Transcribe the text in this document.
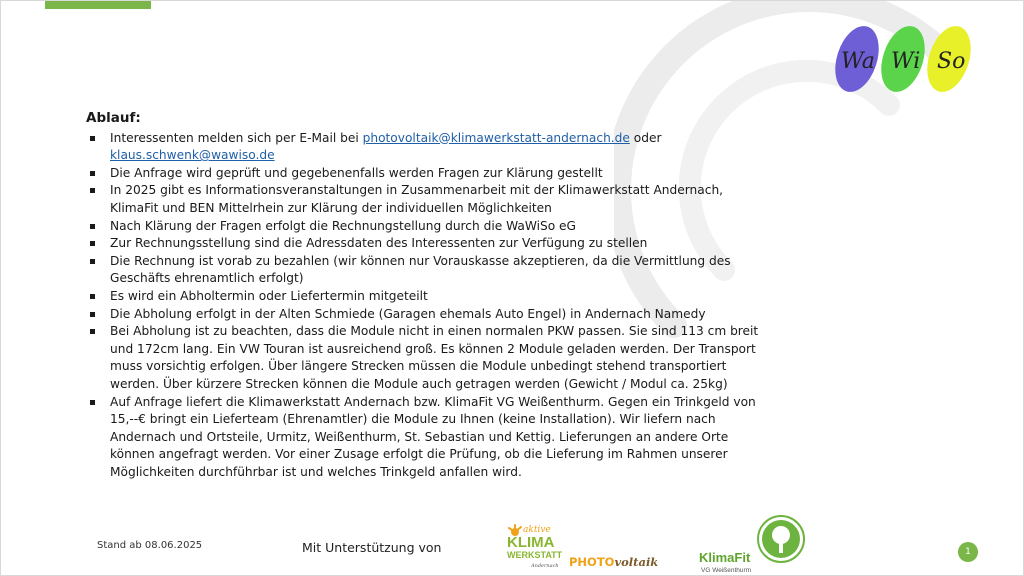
Wa Wi So
Ablauf:
Interessenten melden sich per E-Mail bei photovoltaik@klimawerkstatt-andernach.de oder
klaus.schwenk@wawiso.de
Die Anfrage wird geprüft und gegebenenfalls werden Fragen zur Klärung gestellt
In 2025 gibt es Informationsveranstaltungen in Zusammenarbeit mit der Klimawerkstatt Andernach, KlimaFit und BEN Mittelrhein zur Klärung der individuellen Möglichkeiten
Nach Klärung der Fragen erfolgt die Rechnungstellung durch die WaWiSo eG
Zur Rechnungsstellung sind die Adressdaten des Interessenten zur Verfügung zu stellen
Die Rechnung ist vorab zu bezahlen (wir können nur Vorauskasse akzeptieren, da die Vermittlung des Geschäfts ehrenamtlich erfolgt)
Es wird ein Abholtermin oder Liefertermin mitgeteilt
Die Abholung erfolgt in der Alten Schmiede (Garagen ehemals Auto Engel) in Andernach Namedy
Bei Abholung ist zu beachten, dass die Module nicht in einen normalen PKW passen. Sie sind 113 cm breit und 172cm lang. Ein VW Touran ist ausreichend groß. Es können 2 Module geladen werden. Der Transport muss vorsichtig erfolgen. Über längere Strecken müssen die Module unbedingt stehend transportiert werden. Über kürzere Strecken können die Module auch getragen werden (Gewicht / Modul ca. 25kg)
Auf Anfrage liefert die Klimawerkstatt Andernach bzw. KlimaFit VG Weißenthurm. Gegen ein Trinkgeld von 15,--€ bringt ein Lieferteam (Ehrenamtler) die Module zu Ihnen (keine Installation). Wir liefern nach Andernach und Ortsteile, Urmitz, Weißenthurm, St. Sebastian und Kettig. Lieferungen an andere Orte können angefragt werden. Vor einer Zusage erfolgt die Prüfung, ob die Lieferung im Rahmen unserer Möglichkeiten durchführbar ist und welches Trinkgeld anfallen wird.
Stand ab 08.06.2025	Mit Unterstützung von
aktive
KLIMA
WERKSTATT
Andernach PHOTOvoltaik	KlimaFit
VG Weißenthurm
1
